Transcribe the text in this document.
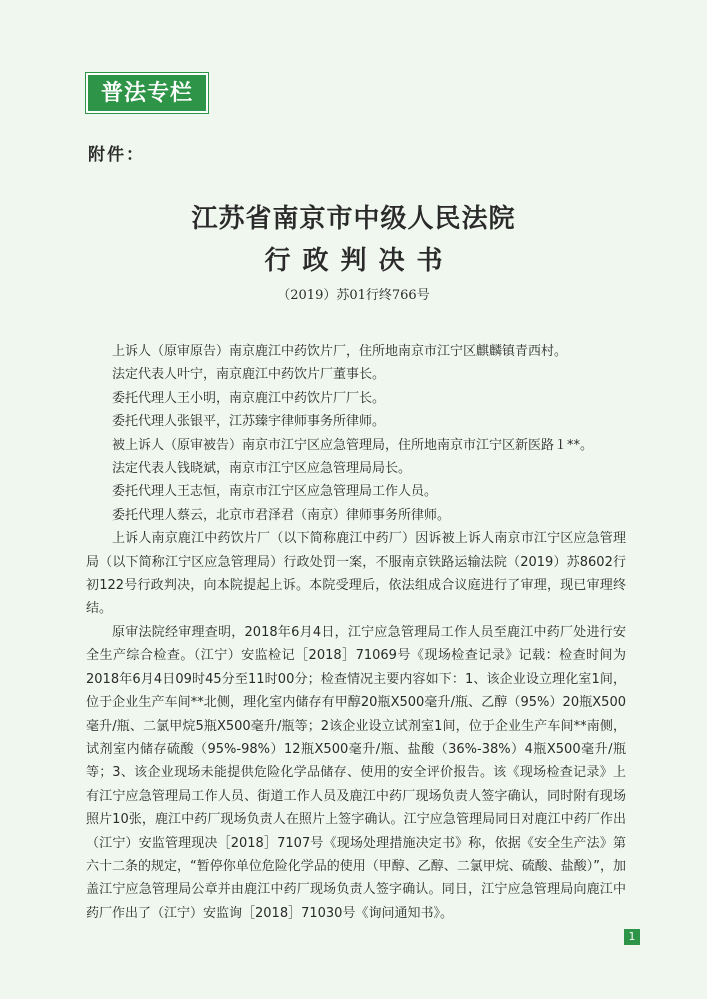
普法专栏
附件：
江苏省南京市中级人民法院
行政判决书
（2019）苏01行终766号

上诉人（原审原告）南京鹿江中药饮片厂，住所地南京市江宁区麒麟镇青西村。

法定代表人叶宁，南京鹿江中药饮片厂董事长。

委托代理人王小明，南京鹿江中药饮片厂厂长。

委托代理人张银平，江苏臻宇律师事务所律师。

被上诉人（原审被告）南京市江宁区应急管理局，住所地南京市江宁区新医路１**。

法定代表人钱晓斌，南京市江宁区应急管理局局长。

委托代理人王志恒，南京市江宁区应急管理局工作人员。

委托代理人蔡云，北京市君泽君（南京）律师事务所律师。

上诉人南京鹿江中药饮片厂（以下简称鹿江中药厂）因诉被上诉人南京市江宁区应急管理局（以下简称江宁区应急管理局）行政处罚一案，不服南京铁路运输法院（2019）苏8602行初122号行政判决，向本院提起上诉。本院受理后，依法组成合议庭进行了审理，现已审理终结。

原审法院经审理查明，2018年6月4日，江宁应急管理局工作人员至鹿江中药厂处进行安全生产综合检查。（江宁）安监检记［2018］71069号《现场检查记录》记载：检查时间为2018年6月4日09时45分至11时00分；检查情况主要内容如下：1、该企业设立理化室1间，位于企业生产车间**北侧，理化室内储存有甲醇20瓶X500毫升/瓶、乙醇（95%）20瓶X500毫升/瓶、二氯甲烷5瓶X500毫升/瓶等；2该企业设立试剂室1间，位于企业生产车间**南侧，试剂室内储存硫酸（95%-98%）12瓶X500毫升/瓶、盐酸（36%-38%）4瓶X500毫升/瓶等；3、该企业现场未能提供危险化学品储存、使用的安全评价报告。该《现场检查记录》上有江宁应急管理局工作人员、街道工作人员及鹿江中药厂现场负责人签字确认，同时附有现场照片10张，鹿江中药厂现场负责人在照片上签字确认。江宁应急管理局同日对鹿江中药厂作出（江宁）安监管理现决［2018］7107号《现场处理措施决定书》称，依据《安全生产法》第六十二条的规定，“暂停你单位危险化学品的使用（甲醇、乙醇、二氯甲烷、硫酸、盐酸）”，加盖江宁应急管理局公章并由鹿江中药厂现场负责人签字确认。同日，江宁应急管理局向鹿江中药厂作出了（江宁）安监询［2018］71030号《询问通知书》。

1
